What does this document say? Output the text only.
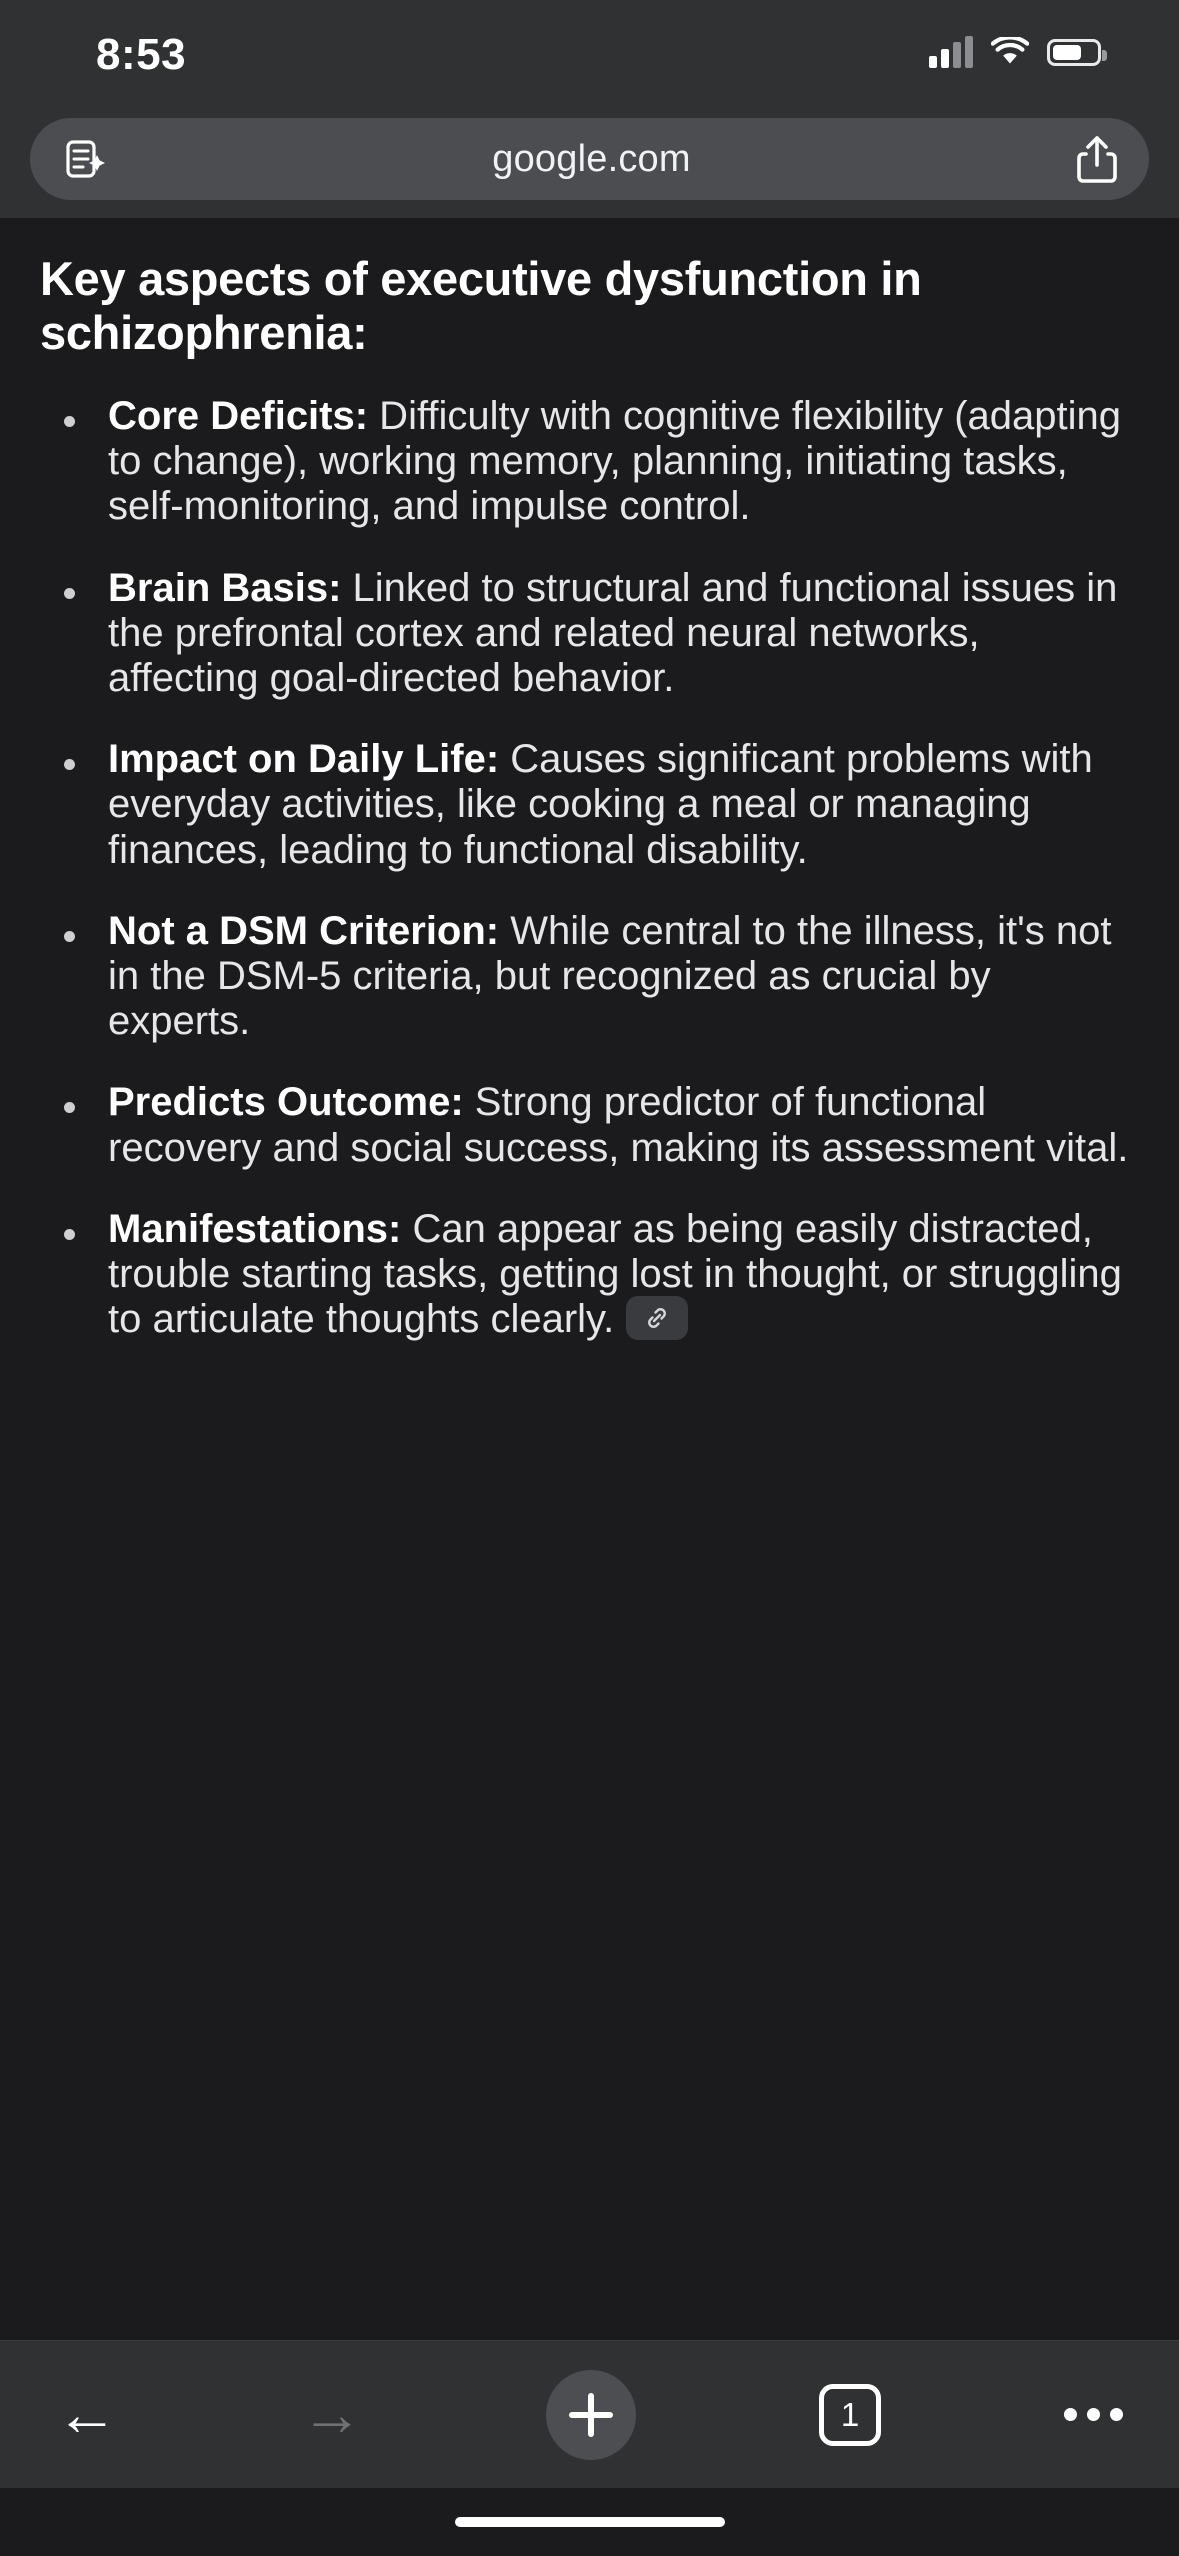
8:53
google.com
Key aspects of executive dysfunction in schizophrenia:
Core Deficits: Difficulty with cognitive flexibility (adapting to change), working memory, planning, initiating tasks, self-monitoring, and impulse control.
Brain Basis: Linked to structural and functional issues in the prefrontal cortex and related neural networks, affecting goal-directed behavior.
Impact on Daily Life: Causes significant problems with everyday activities, like cooking a meal or managing finances, leading to functional disability.
Not a DSM Criterion: While central to the illness, it's not in the DSM-5 criteria, but recognized as crucial by experts.
Predicts Outcome: Strong predictor of functional recovery and social success, making its assessment vital.
Manifestations: Can appear as being easily distracted, trouble starting tasks, getting lost in thought, or struggling to articulate thoughts clearly.
←	→	1
